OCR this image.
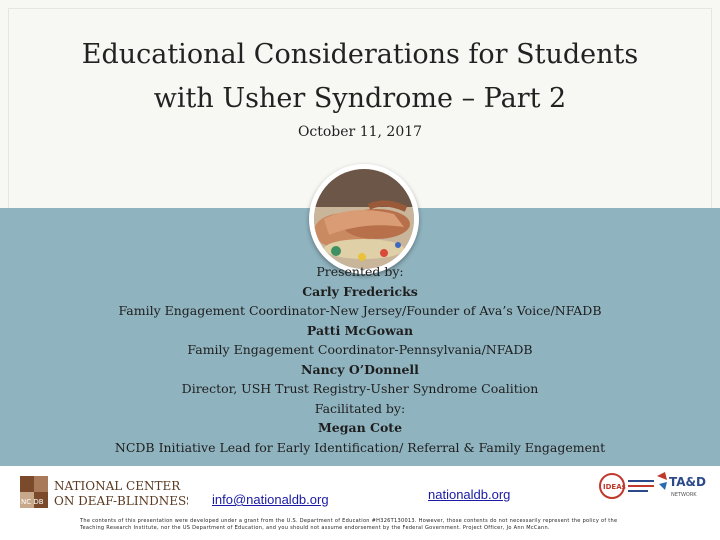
Educational Considerations for Students
with Usher Syndrome – Part 2
October 11, 2017
Presented by:
Carly Fredericks
Family Engagement Coordinator-New Jersey/Founder of Ava’s Voice/NFADB
Patti McGowan
Family Engagement Coordinator-Pennsylvania/NFADB
Nancy O’Donnell
Director, USH Trust Registry-Usher Syndrome Coalition
Facilitated by:
Megan Cote
NCDB Initiative Lead for Early Identification/ Referral & Family Engagement
NC DB
NATIONAL CENTER
ON DEAF-BLINDNESS info@nationaldb.org	nationaldb.org	IDEAs	TA&D
NETWORK
The contents of this presentation were developed under a grant from the U.S. Department of Education #H326T130013. However, those contents do not necessarily represent the policy of the Teaching Research Institute, nor the US Department of Education, and you should not assume endorsement by the Federal Government. Project Officer, Jo Ann McCann.
